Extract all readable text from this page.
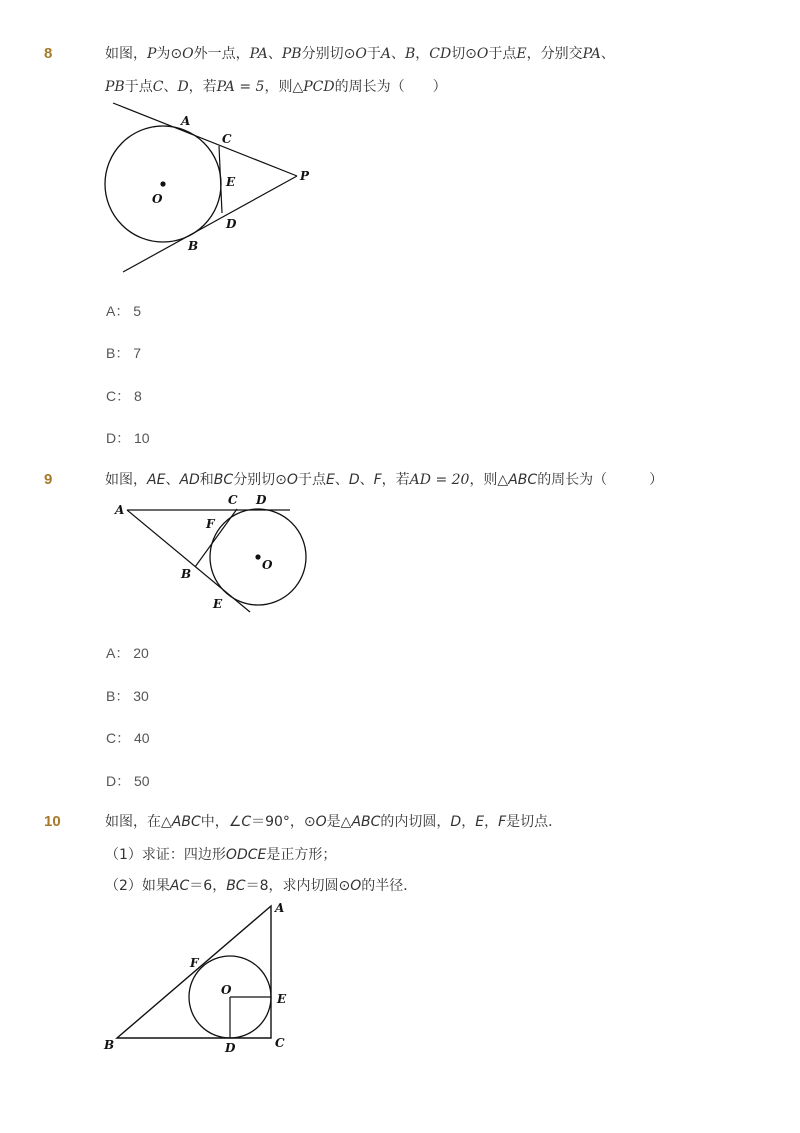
8	如图，P为⊙O外一点，PA、PB分别切⊙O于A、B，CD切⊙O于点E，分别交PA、
PB于点C、D，若PA = 5，则△PCD的周长为（　　）
A
C
E	P
O
D
B
A： 5
B： 7
C： 8
D： 10
9	如图，AE、AD和BC分别切⊙O于点E、D、F，若AD = 20，则△ABC的周长为（　　　）
A
C D
F
O
B
E
A： 20
B： 30
C： 40
D： 50
10	如图，在△ABC中，∠C＝90°，⊙O是△ABC的内切圆，D，E，F是切点．
（1）求证：四边形ODCE是正方形；
（2）如果AC＝6，BC＝8，求内切圆⊙O的半径．
A
F
O
E
B	D	C
